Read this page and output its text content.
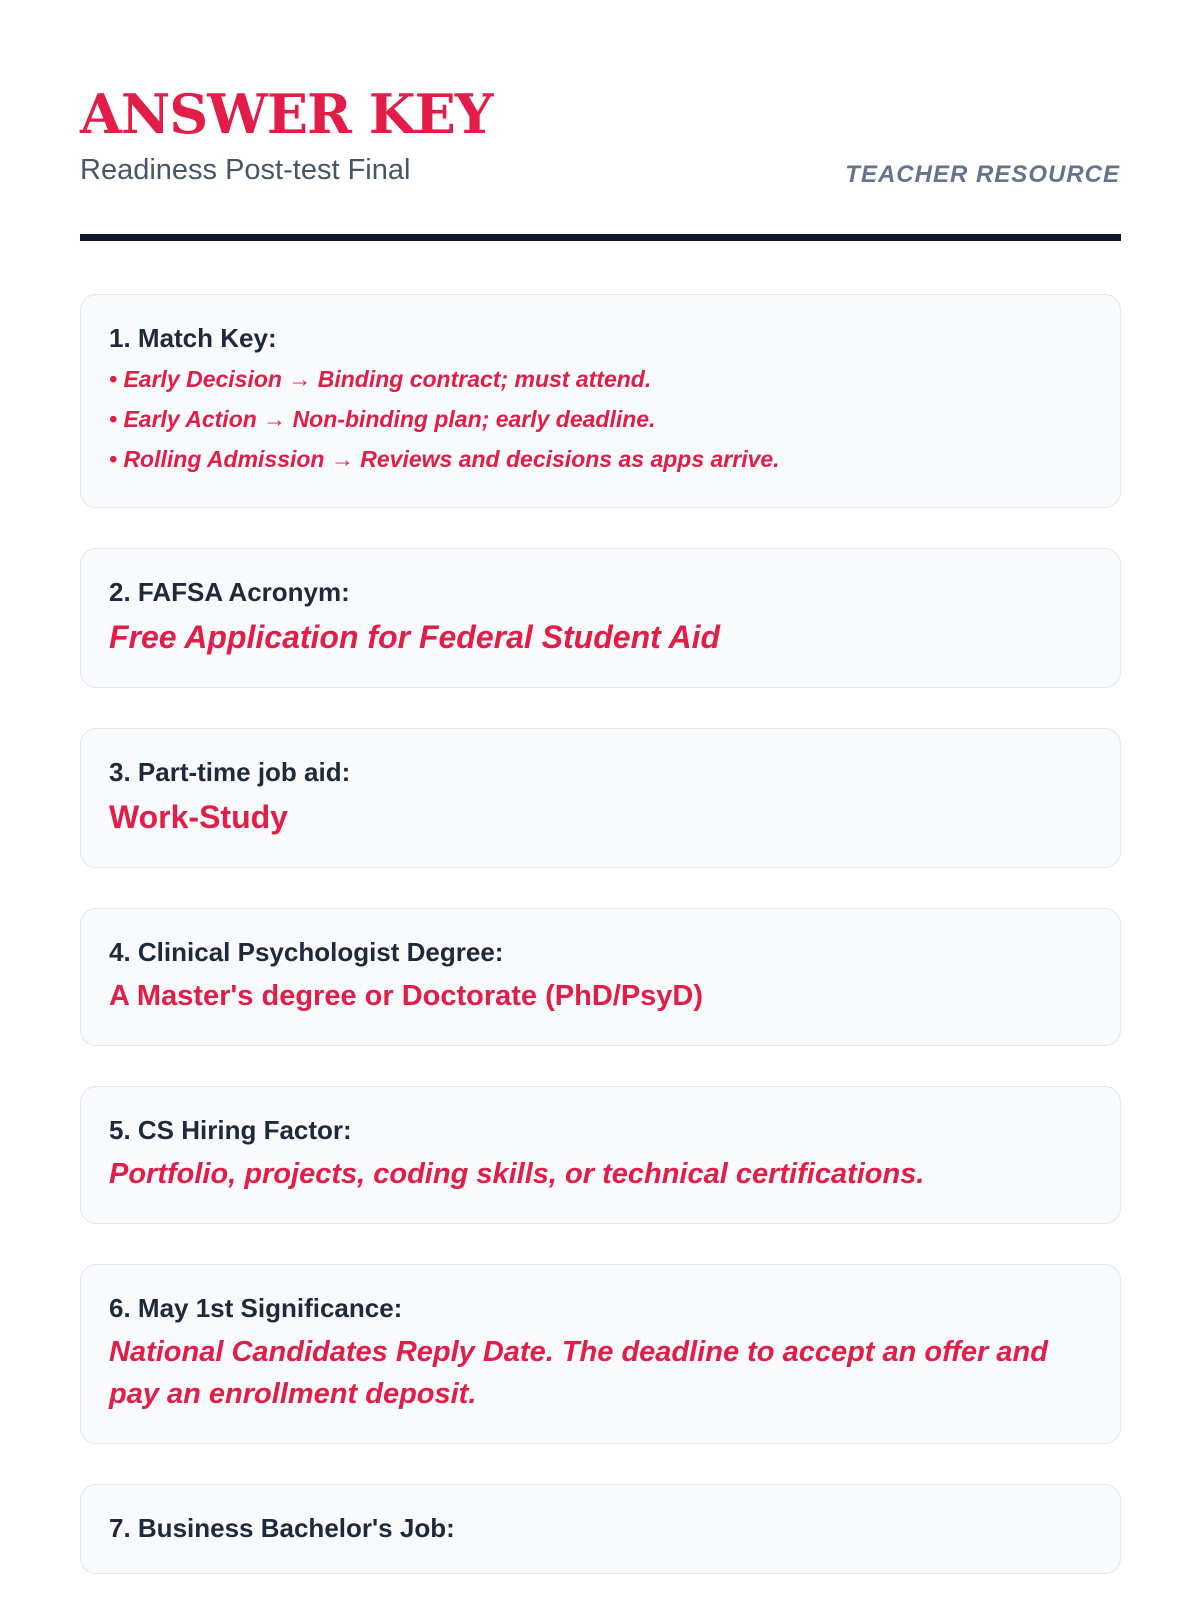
ANSWER KEY
Readiness Post-test Final	TEACHER RESOURCE
1. Match Key:
• Early Decision → Binding contract; must attend.
• Early Action → Non-binding plan; early deadline.
• Rolling Admission → Reviews and decisions as apps arrive.
2. FAFSA Acronym:
Free Application for Federal Student Aid
3. Part-time job aid:
Work-Study
4. Clinical Psychologist Degree:
A Master's degree or Doctorate (PhD/PsyD)
5. CS Hiring Factor:
Portfolio, projects, coding skills, or technical certifications.
6. May 1st Significance:
National Candidates Reply Date. The deadline to accept an offer and pay an enrollment deposit.
7. Business Bachelor's Job:
